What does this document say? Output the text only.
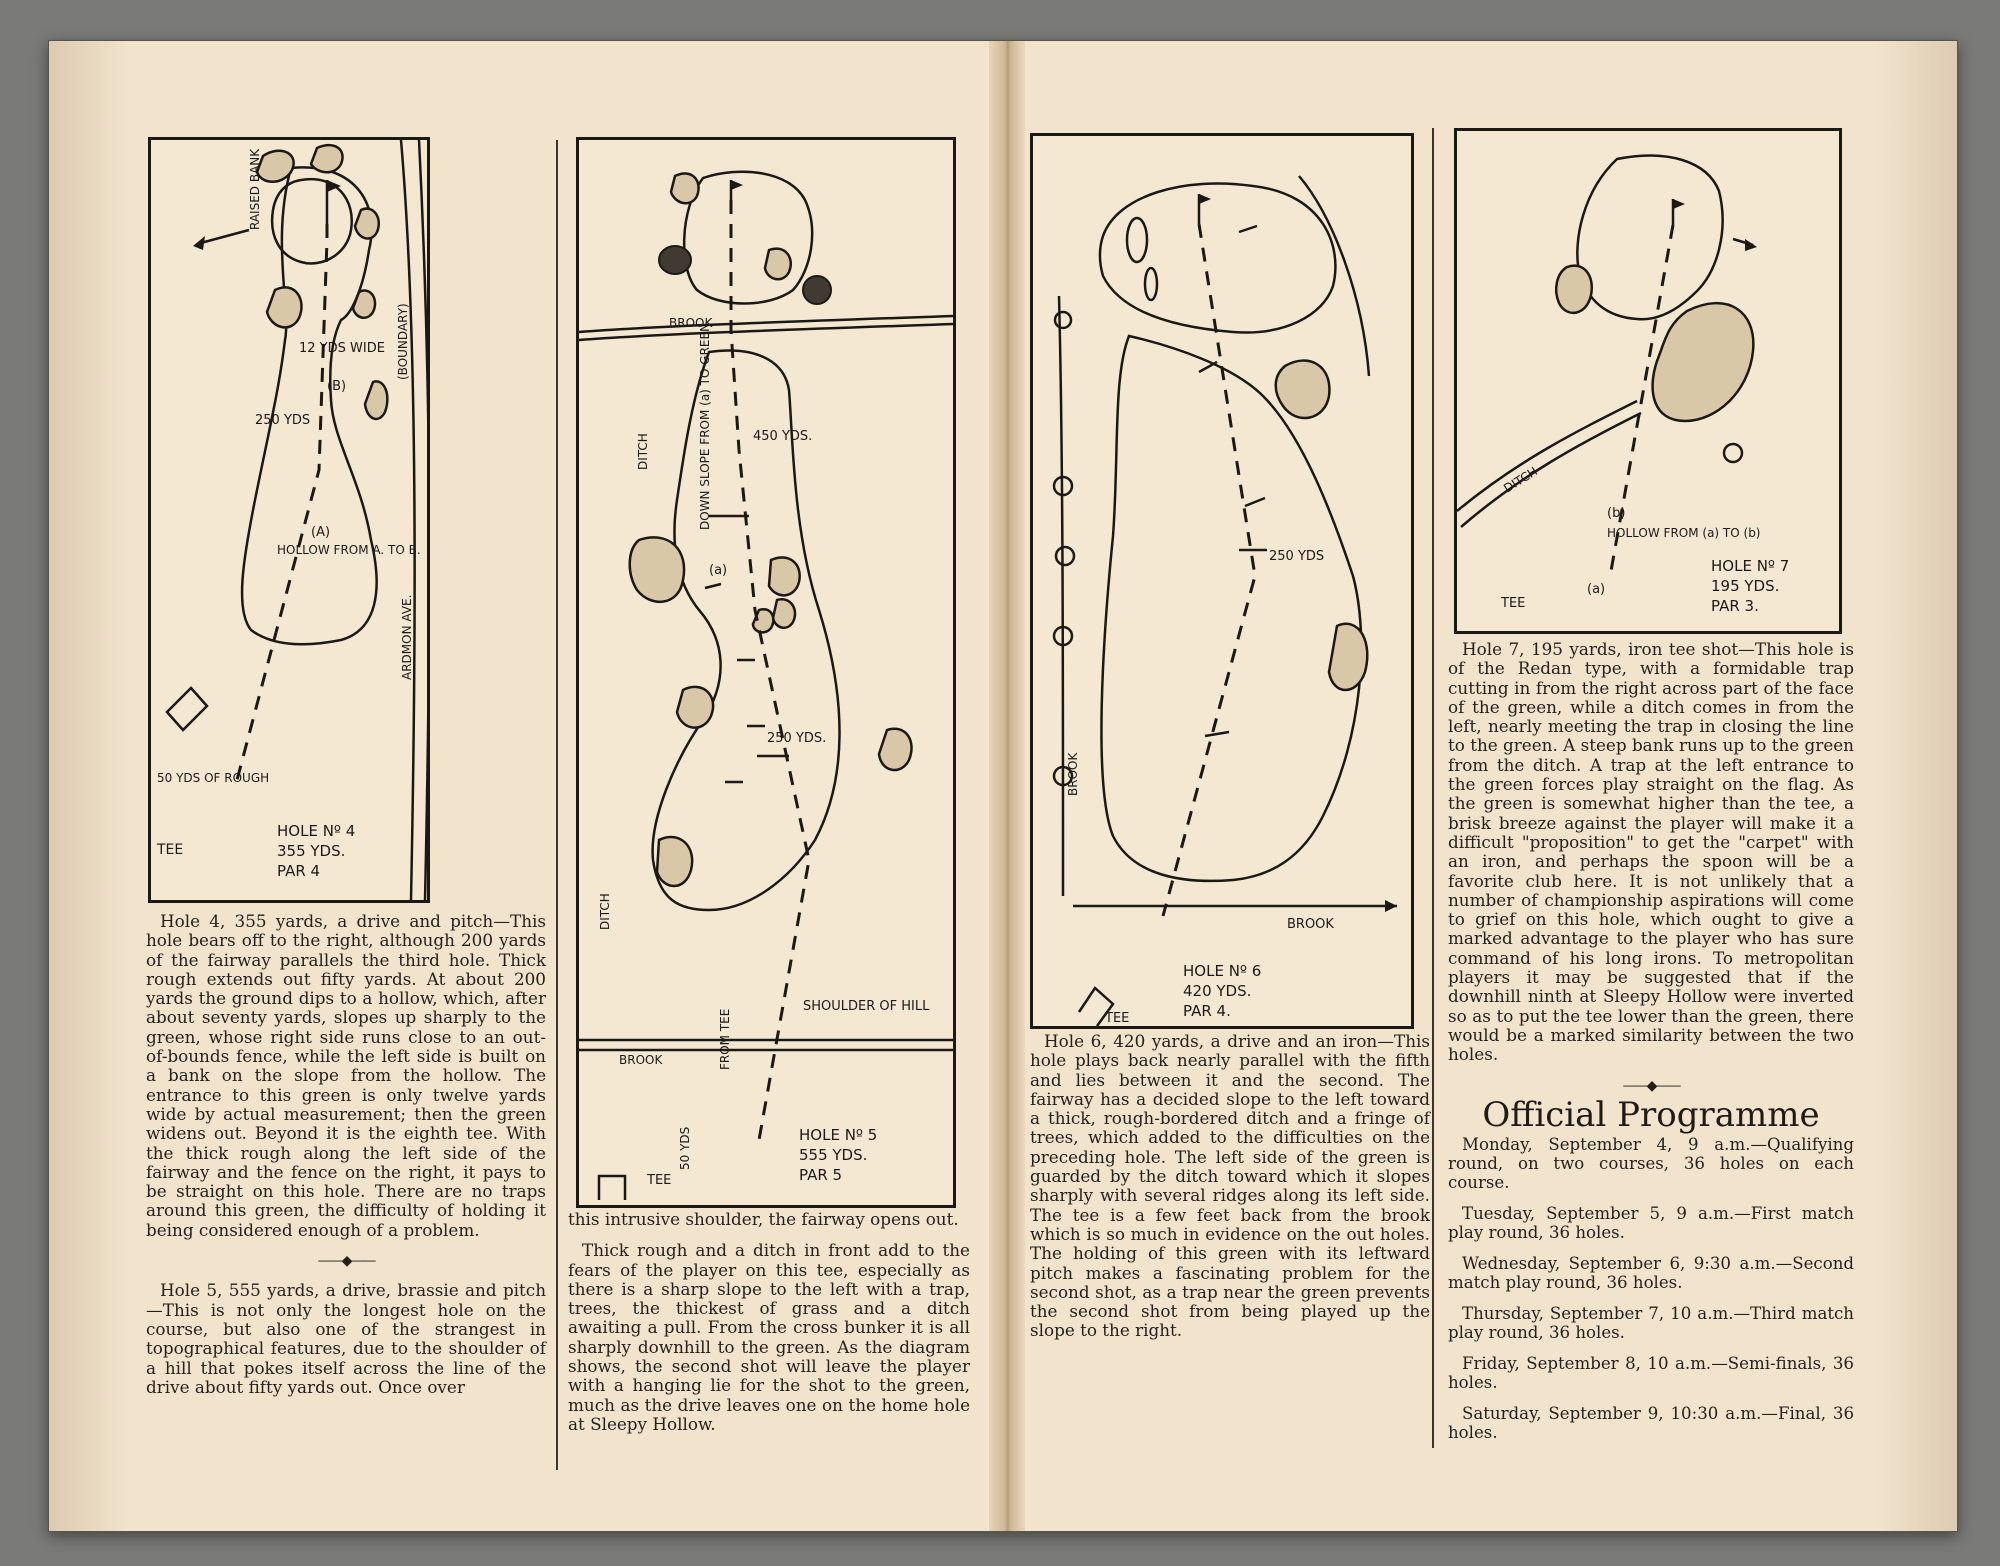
RAISED BANK
12 YDS WIDE
(B)
250 YDS
(A)
HOLLOW FROM A. TO B.
(BOUNDARY)
ARDMON AVE.
50 YDS OF ROUGH
TEE
HOLE Nº 4
355 YDS.
PAR 4
BROOK
DITCH	DOWN SLOPE FROM (a) TO GREEN	450 YDS.
(a)
250 YDS.
DITCH
SHOULDER OF HILL
FROM TEE
BROOK
50 YDS
TEE
HOLE Nº 5
555 YDS.
PAR 5
BROOK
BROOK
250 YDS
TEE
HOLE Nº 6
420 YDS.
PAR 4.
DITCH
(b)
HOLLOW FROM (a) TO (b)
(a)
TEE
HOLE Nº 7
195 YDS.
PAR 3.

Hole 4, 355 yards, a drive and pitch—This hole bears off to the right, although 200 yards of the fairway parallels the third hole. Thick rough extends out fifty yards. At about 200 yards the ground dips to a hollow, which, after about seventy yards, slopes up sharply to the green, whose right side runs close to an out-of-bounds fence, while the left side is built on a bank on the slope from the hollow. The entrance to this green is only twelve yards wide by actual measurement; then the green widens out. Beyond it is the eighth tee. With the thick rough along the left side of the fairway and the fence on the right, it pays to be straight on this hole. There are no traps around this green, the difficulty of holding it being considered enough of a problem.

——◆——

Hole 5, 555 yards, a drive, brassie and pitch—This is not only the longest hole on the course, but also one of the strangest in topographical features, due to the shoulder of a hill that pokes itself across the line of the drive about fifty yards out. Once over

this intrusive shoulder, the fairway opens out.

Thick rough and a ditch in front add to the fears of the player on this tee, especially as there is a sharp slope to the left with a trap, trees, the thickest of grass and a ditch awaiting a pull. From the cross bunker it is all sharply downhill to the green. As the diagram shows, the second shot will leave the player with a hanging lie for the shot to the green, much as the drive leaves one on the home hole at Sleepy Hollow.

Hole 6, 420 yards, a drive and an iron—This hole plays back nearly parallel with the fifth and lies between it and the second. The fairway has a decided slope to the left toward a thick, rough-bordered ditch and a fringe of trees, which added to the difficulties on the preceding hole. The left side of the green is guarded by the ditch toward which it slopes sharply with several ridges along its left side. The tee is a few feet back from the brook which is so much in evidence on the out holes. The holding of this green with its leftward pitch makes a fascinating problem for the second shot, as a trap near the green prevents the second shot from being played up the slope to the right.

Hole 7, 195 yards, iron tee shot—This hole is of the Redan type, with a formidable trap cutting in from the right across part of the face of the green, while a ditch comes in from the left, nearly meeting the trap in closing the line to the green. A steep bank runs up to the green from the ditch. A trap at the left entrance to the green forces play straight on the flag. As the green is somewhat higher than the tee, a brisk breeze against the player will make it a difficult "proposition" to get the "carpet" with an iron, and perhaps the spoon will be a favorite club here. It is not unlikely that a number of championship aspirations will come to grief on this hole, which ought to give a marked advantage to the player who has sure command of his long irons. To metropolitan players it may be suggested that if the downhill ninth at Sleepy Hollow were inverted so as to put the tee lower than the green, there would be a marked similarity between the two holes.

——◆——
Official Programme

Monday, September 4, 9 a.m.—Qualifying round, on two courses, 36 holes on each course.

Tuesday, September 5, 9 a.m.—First match play round, 36 holes.

Wednesday, September 6, 9:30 a.m.—Second match play round, 36 holes.

Thursday, September 7, 10 a.m.—Third match play round, 36 holes.

Friday, September 8, 10 a.m.—Semi-finals, 36 holes.

Saturday, September 9, 10:30 a.m.—Final, 36 holes.
